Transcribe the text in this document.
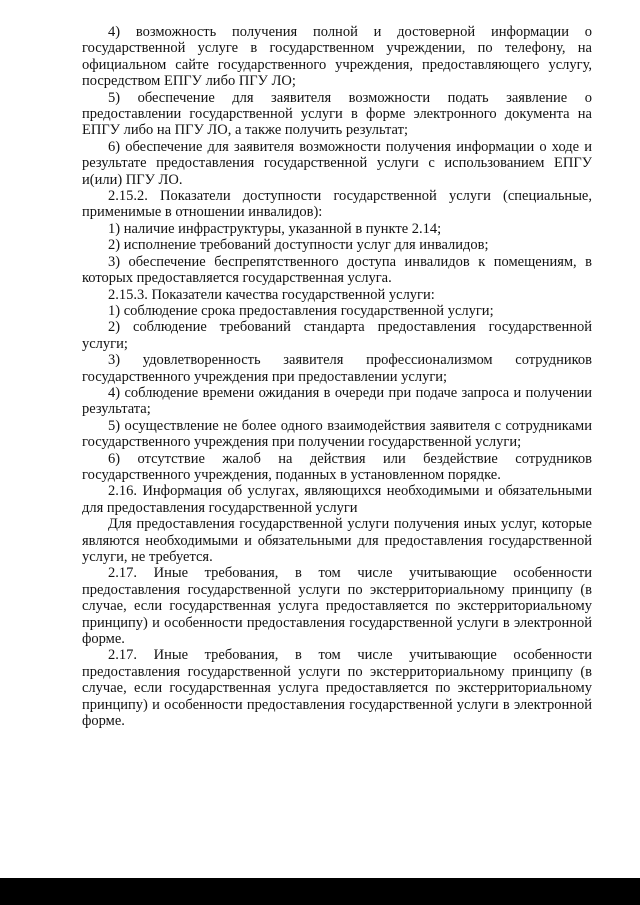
4) возможность получения полной и достоверной информации о государственной услуге в государственном учреждении, по телефону, на официальном сайте государственного учреждения, предоставляющего услугу, посредством ЕПГУ либо ПГУ ЛО;

5) обеспечение для заявителя возможности подать заявление о предоставлении государственной услуги в форме электронного документа на ЕПГУ либо на ПГУ ЛО, а также получить результат;

6) обеспечение для заявителя возможности получения информации о ходе и результате предоставления государственной услуги с использованием ЕПГУ и(или) ПГУ ЛО.

2.15.2. Показатели доступности государственной услуги (специальные, применимые в отношении инвалидов):

1) наличие инфраструктуры, указанной в пункте 2.14;

2) исполнение требований доступности услуг для инвалидов;

3) обеспечение беспрепятственного доступа инвалидов к помещениям, в которых предоставляется государственная услуга.

2.15.3. Показатели качества государственной услуги:

1) соблюдение срока предоставления государственной услуги;

2) соблюдение требований стандарта предоставления государственной услуги;

3) удовлетворенность заявителя профессионализмом сотрудников государственного учреждения при предоставлении услуги;

4) соблюдение времени ожидания в очереди при подаче запроса и получении результата;

5) осуществление не более одного взаимодействия заявителя с сотрудниками государственного учреждения при получении государственной услуги;

6) отсутствие жалоб на действия или бездействие сотрудников государственного учреждения, поданных в установленном порядке.

2.16. Информация об услугах, являющихся необходимыми и обязательными для предоставления государственной услуги

Для предоставления государственной услуги получения иных услуг, которые являются необходимыми и обязательными для предоставления государственной услуги, не требуется.

2.17. Иные требования, в том числе учитывающие особенности предоставления государственной услуги по экстерриториальному принципу (в случае, если государственная услуга предоставляется по экстерриториальному принципу) и особенности предоставления государственной услуги в электронной форме.

2.17. Иные требования, в том числе учитывающие особенности предоставления государственной услуги по экстерриториальному принципу (в случае, если государственная услуга предоставляется по экстерриториальному принципу) и особенности предоставления государственной услуги в электронной форме.
